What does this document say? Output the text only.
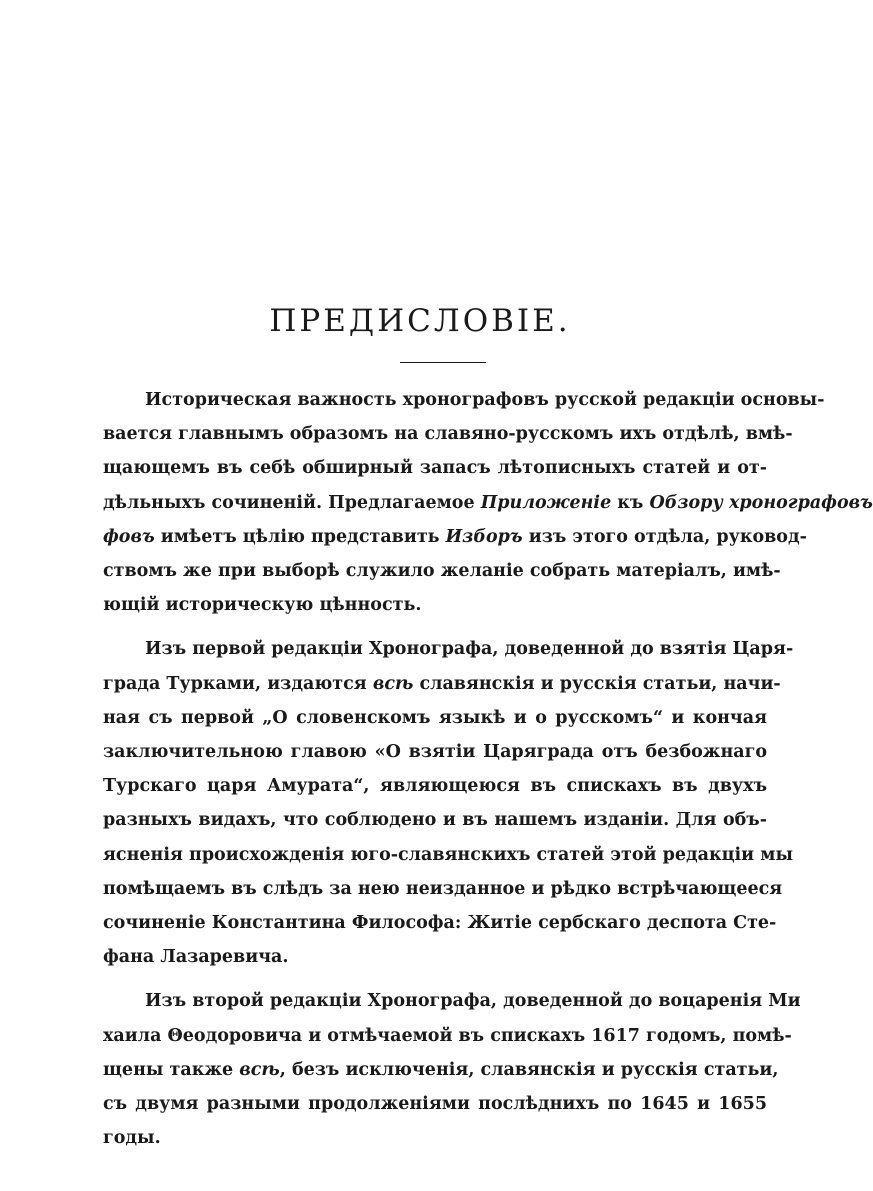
ПРЕДИСЛОВІЕ.
Историческая важность хронографовъ русской редакціи основы-
вается главнымъ образомъ на славяно-русскомъ ихъ отдѣлѣ, вмѣ-
щающемъ въ себѣ обширный запасъ лѣтописныхъ статей и от-
дѣльныхъ сочиненій. Предлагаемое Приложеніе къ Обзору хронографовъ
фовъ имѣетъ цѣлію представить Изборъ изъ этого отдѣла, руковод-
ствомъ же при выборѣ служило желаніе собрать матеріалъ, имѣ-
ющій историческую цѣнность.
Изъ первой редакціи Хронографа, доведенной до взятія Царя-
града Турками, издаются всѣ славянскія и русскія статьи, начи-
ная съ первой „О словенскомъ языкѣ и о русскомъ“ и кончая
заключительною главою «О взятіи Царяграда отъ безбожнаго
Турскаго царя Амурата“, являющеюся въ спискахъ въ двухъ
разныхъ видахъ, что соблюдено и въ нашемъ изданіи. Для объ-
ясненія происхожденія юго-славянскихъ статей этой редакціи мы
помѣщаемъ въ слѣдъ за нею неизданное и рѣдко встрѣчающееся
сочиненіе Константина Философа: Житіе сербскаго деспота Сте-
фана Лазаревича.
Изъ второй редакціи Хронографа, доведенной до воцаренія Ми
хаила Θеодоровича и отмѣчаемой въ спискахъ 1617 годомъ, помѣ-
щены также всѣ, безъ исключенія, славянскія и русскія статьи,
съ двумя разными продолженіями послѣднихъ по 1645 и 1655
годы.
